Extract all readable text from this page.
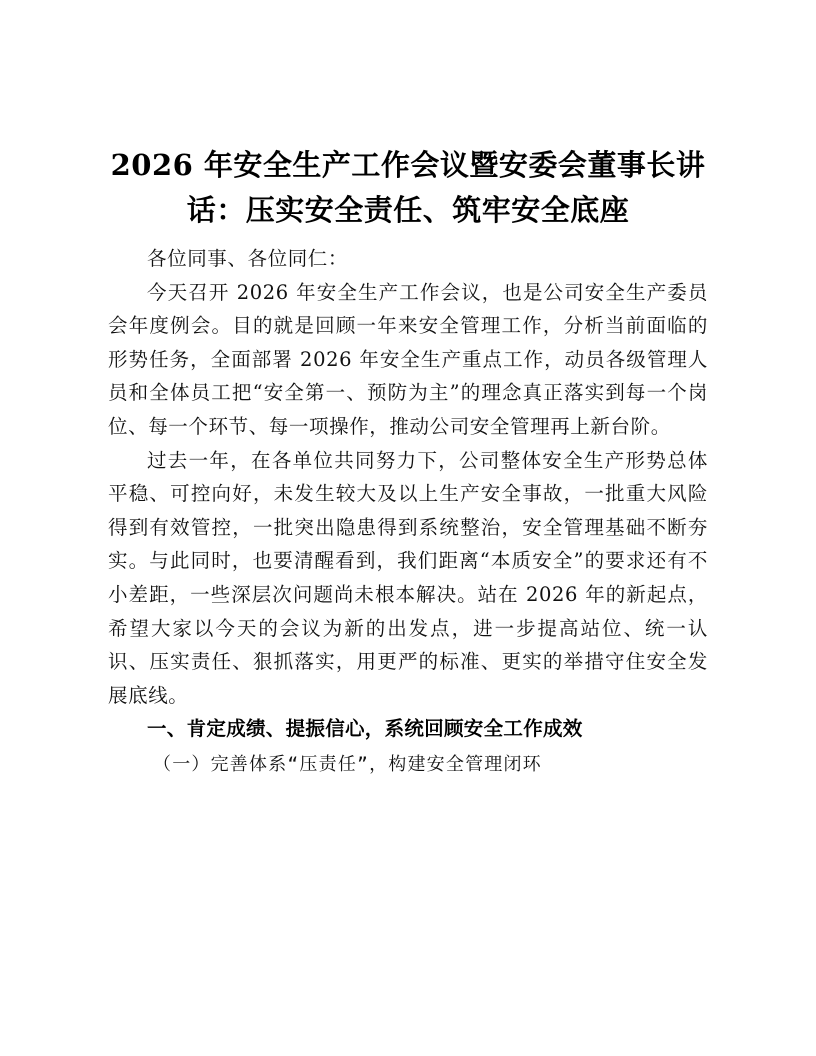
2026 年安全生产工作会议暨安委会董事长讲话：压实安全责任、筑牢安全底座

各位同事、各位同仁：

今天召开 2026 年安全生产工作会议，也是公司安全生产委员会年度例会。目的就是回顾一年来安全管理工作，分析当前面临的形势任务，全面部署 2026 年安全生产重点工作，动员各级管理人员和全体员工把“安全第一、预防为主”的理念真正落实到每一个岗位、每一个环节、每一项操作，推动公司安全管理再上新台阶。

过去一年，在各单位共同努力下，公司整体安全生产形势总体平稳、可控向好，未发生较大及以上生产安全事故，一批重大风险得到有效管控，一批突出隐患得到系统整治，安全管理基础不断夯实。与此同时，也要清醒看到，我们距离“本质安全”的要求还有不小差距，一些深层次问题尚未根本解决。站在 2026 年的新起点，希望大家以今天的会议为新的出发点，进一步提高站位、统一认识、压实责任、狠抓落实，用更严的标准、更实的举措守住安全发展底线。

一、肯定成绩、提振信心，系统回顾安全工作成效
（一）完善体系“压责任”，构建安全管理闭环
